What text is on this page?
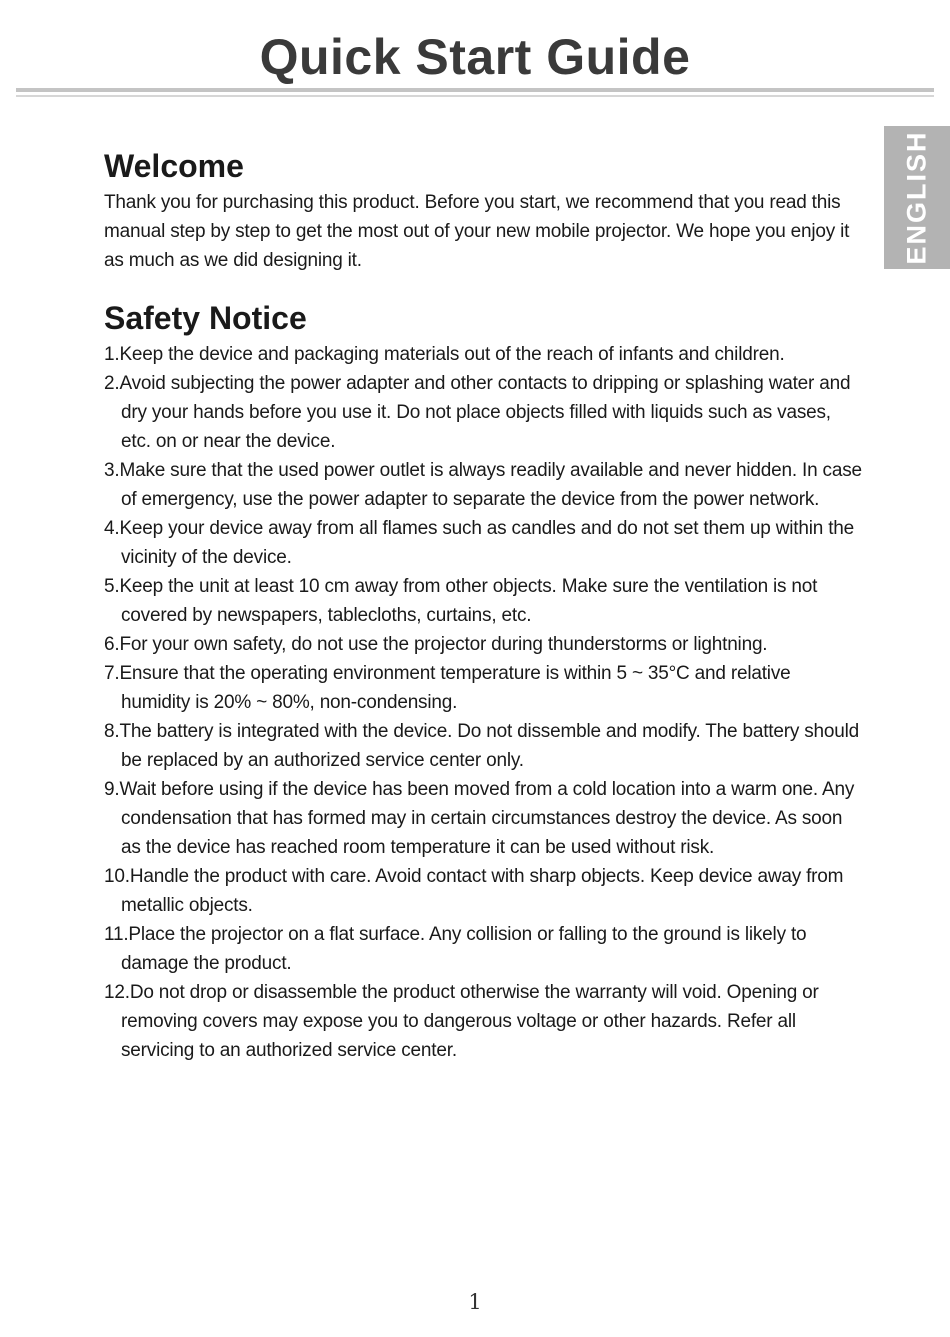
Quick Start Guide
ENGLISH
Welcome

Thank you for purchasing this product. Before you start, we recommend that you read this manual step by step to get the most out of your new mobile projector. We hope you enjoy it as much as we did designing it.

Safety Notice
1.Keep the device and packaging materials out of the reach of infants and children.
2.Avoid subjecting the power adapter and other contacts to dripping or splashing water and dry your hands before you use it. Do not place objects filled with liquids such as vases, etc. on or near the device.
3.Make sure that the used power outlet is always readily available and never hidden. In case of emergency, use the power adapter to separate the device from the power network.
4.Keep your device away from all flames such as candles and do not set them up within the vicinity of the device.
5.Keep the unit at least 10 cm away from other objects. Make sure the ventilation is not covered by newspapers, tablecloths, curtains, etc.
6.For your own safety, do not use the projector during thunderstorms or lightning.
7.Ensure that the operating environment temperature is within 5 ~ 35°C and relative humidity is 20% ~ 80%, non-condensing.
8.The battery is integrated with the device. Do not dissemble and modify. The battery should be replaced by an authorized service center only.
9.Wait before using if the device has been moved from a cold location into a warm one. Any condensation that has formed may in certain circumstances destroy the device. As soon as the device has reached room temperature it can be used without risk.
10.Handle the product with care. Avoid contact with sharp objects. Keep device away from metallic objects.
11.Place the projector on a flat surface. Any collision or falling to the ground is likely to damage the product.
12.Do not drop or disassemble the product otherwise the warranty will void. Opening or removing covers may expose you to dangerous voltage or other hazards. Refer all servicing to an authorized service center.
1
